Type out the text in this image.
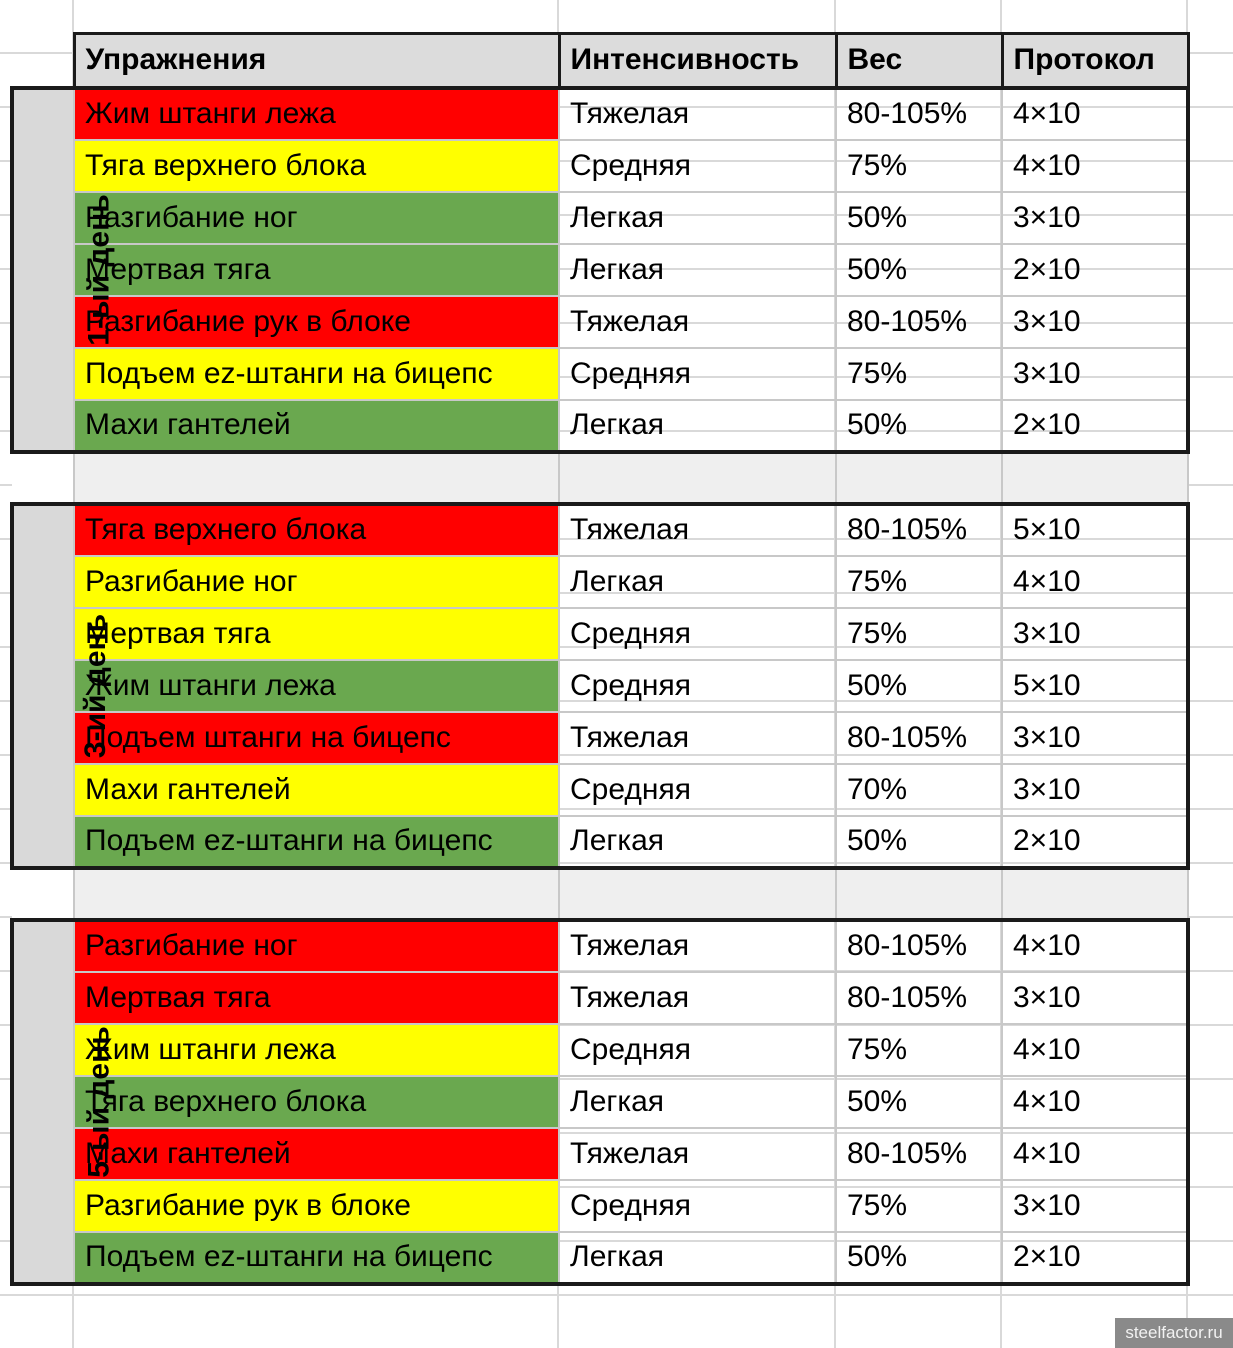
	Упражнения	Интенсивность	Вес	Протокол
1-ый день	Жим штанги лежа	Тяжелая	80-105%	4×10
	Тяга верхнего блока	Средняя	75%	4×10
	Разгибание ног	Легкая	50%	3×10
	Мертвая тяга	Легкая	50%	2×10
	Разгибание рук в блоке	Тяжелая	80-105%	3×10
	Подъем ez-штанги на бицепс	Средняя	75%	3×10
	Махи гантелей	Легкая	50%	2×10

3-ий день	Тяга верхнего блока	Тяжелая	80-105%	5×10
	Разгибание ног	Легкая	75%	4×10
	Мертвая тяга	Средняя	75%	3×10
	Жим штанги лежа	Средняя	50%	5×10
	Подъем штанги на бицепс	Тяжелая	80-105%	3×10
	Махи гантелей	Средняя	70%	3×10
	Подъем ez-штанги на бицепс	Легкая	50%	2×10

5-ый день	Разгибание ног	Тяжелая	80-105%	4×10
	Мертвая тяга	Тяжелая	80-105%	3×10
	Жим штанги лежа	Средняя	75%	4×10
	Тяга верхнего блока	Легкая	50%	4×10
	Махи гантелей	Тяжелая	80-105%	4×10
	Разгибание рук в блоке	Средняя	75%	3×10
	Подъем ez-штанги на бицепс	Легкая	50%	2×10
steelfactor.ru
